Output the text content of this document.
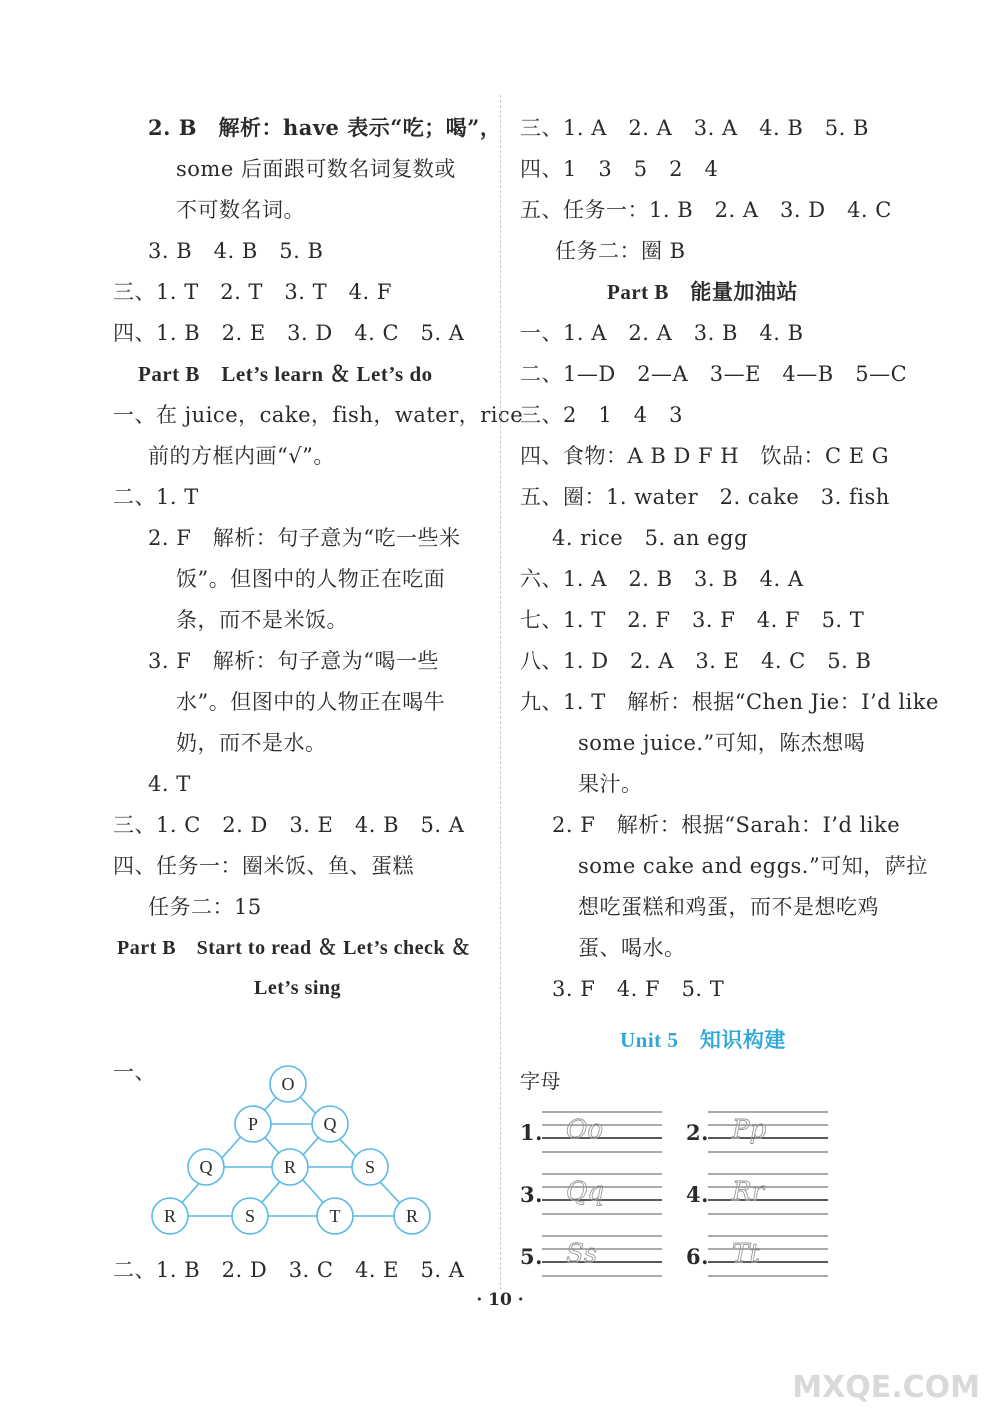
2. B　解析：have 表示“吃；喝”，
some 后面跟可数名词复数或
不可数名词。
3. B　4. B　5. B
三、1. T　2. T　3. T　4. F
四、1. B　2. E　3. D　4. C　5. A
Part B　Let’s learn ＆ Let’s do
一、在 juice，cake，fish，water，rice
前的方框内画“√”。
二、1. T
2. F　解析：句子意为“吃一些米
饭”。但图中的人物正在吃面
条，而不是米饭。
3. F　解析：句子意为“喝一些
水”。但图中的人物正在喝牛
奶，而不是水。
4. T
三、1. C　2. D　3. E　4. B　5. A
四、任务一：圈米饭、鱼、蛋糕
任务二：15
Part B　Start to read ＆ Let’s check ＆
Let’s sing
一、	O
P	Q
Q	R	S
R	S	T	R
二、1. B　2. D　3. C　4. E　5. A
三、1. A　2. A　3. A　4. B　5. B
四、1　3　5　2　4
五、任务一：1. B　2. A　3. D　4. C
任务二：圈 B
Part B　能量加油站
一、1. A　2. A　3. B　4. B
二、1—D　2—A　3—E　4—B　5—C
三、2　1　4　3
四、食物：A B D F H　饮品：C E G
五、圈：1. water　2. cake　3. fish
4. rice　5. an egg
六、1. A　2. B　3. B　4. A
七、1. T　2. F　3. F　4. F　5. T
八、1. D　2. A　3. E　4. C　5. B
九、1. T　解析：根据“Chen Jie：I’d like
some juice.”可知，陈杰想喝
果汁。
2. F　解析：根据“Sarah：I’d like
some cake and eggs.”可知，萨拉
想吃蛋糕和鸡蛋，而不是想吃鸡
蛋、喝水。
3. F　4. F　5. T
Unit 5　知识构建
字母
1. Oo	2. Pp
3. Qq	4. Rr
5. Ss	6. Tt
· 10 ·
MXQE.COM
